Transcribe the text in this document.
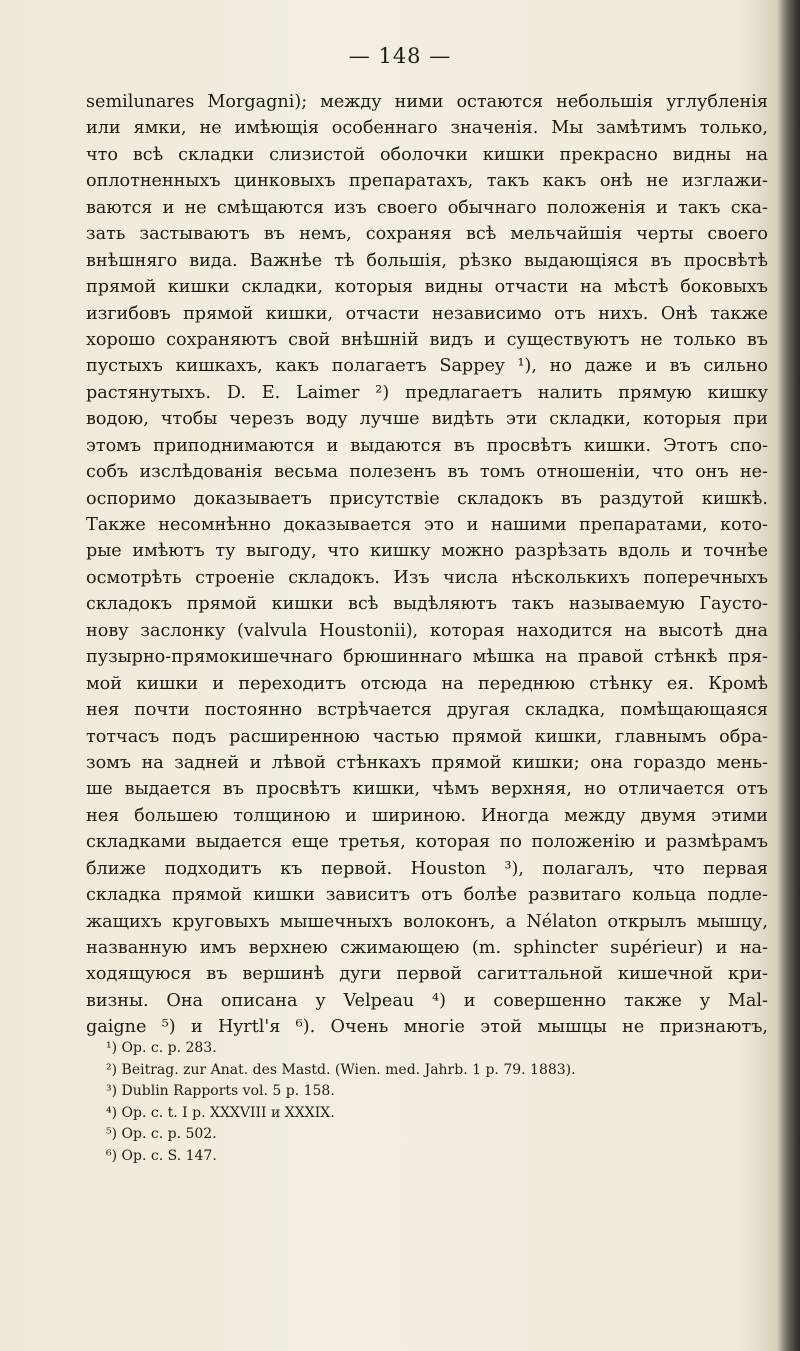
— 148 —
semilunares Morgagni); между ними остаются небольшія углубленія
или ямки, не имѣющія особеннаго значенія. Мы замѣтимъ только,
что всѣ складки слизистой оболочки кишки прекрасно видны на
оплотненныхъ цинковыхъ препаратахъ, такъ какъ онѣ не изглажи-
ваются и не смѣщаются изъ своего обычнаго положенія и такъ ска-
зать застываютъ въ немъ, сохраняя всѣ мельчайшія черты своего
внѣшняго вида. Важнѣе тѣ большія, рѣзко выдающіяся въ просвѣтѣ
прямой кишки складки, которыя видны отчасти на мѣстѣ боковыхъ
изгибовъ прямой кишки, отчасти независимо отъ нихъ. Онѣ также
хорошо сохраняютъ свой внѣшній видъ и существуютъ не только въ
пустыхъ кишкахъ, какъ полагаетъ Sappey ¹), но даже и въ сильно
растянутыхъ. D. E. Laimer ²) предлагаетъ налить прямую кишку
водою, чтобы черезъ воду лучше видѣть эти складки, которыя при
этомъ приподнимаются и выдаются въ просвѣтъ кишки. Этотъ спо-
собъ изслѣдованія весьма полезенъ въ томъ отношеніи, что онъ не-
оспоримо доказываетъ присутствіе складокъ въ раздутой кишкѣ.
Также несомнѣнно доказывается это и нашими препаратами, кото-
рые имѣютъ ту выгоду, что кишку можно разрѣзать вдоль и точнѣе
осмотрѣть строеніе складокъ. Изъ числа нѣсколькихъ поперечныхъ
складокъ прямой кишки всѣ выдѣляютъ такъ называемую Гаусто-
нову заслонку (valvula Houstonii), которая находится на высотѣ дна
пузырно-прямокишечнаго брюшиннаго мѣшка на правой стѣнкѣ пря-
мой кишки и переходитъ отсюда на переднюю стѣнку ея. Кромѣ
нея почти постоянно встрѣчается другая складка, помѣщающаяся
тотчасъ подъ расширенною частью прямой кишки, главнымъ обра-
зомъ на задней и лѣвой стѣнкахъ прямой кишки; она гораздо мень-
ше выдается въ просвѣтъ кишки, чѣмъ верхняя, но отличается отъ
нея большею толщиною и шириною. Иногда между двумя этими
складками выдается еще третья, которая по положенію и размѣрамъ
ближе подходитъ къ первой. Houston ³), полагалъ, что первая
складка прямой кишки зависитъ отъ болѣе развитаго кольца подле-
жащихъ круговыхъ мышечныхъ волоконъ, а Nélaton открылъ мышцу,
названную имъ верхнею сжимающею (m. sphincter supérieur) и на-
ходящуюся въ вершинѣ дуги первой сагиттальной кишечной кри-
визны. Она описана у Velpeau ⁴) и совершенно также у Mal-
gaigne ⁵) и Hyrtl'я ⁶). Очень многіе этой мышцы не признаютъ,
¹) Op. c. p. 283.
²) Beitrag. zur Anat. des Mastd. (Wien. med. Jahrb. 1 p. 79. 1883).
³) Dublin Rapports vol. 5 p. 158.
⁴) Op. c. t. I p. XXXVIII и XXXIX.
⁵) Op. c. p. 502.
⁶) Op. c. S. 147.
